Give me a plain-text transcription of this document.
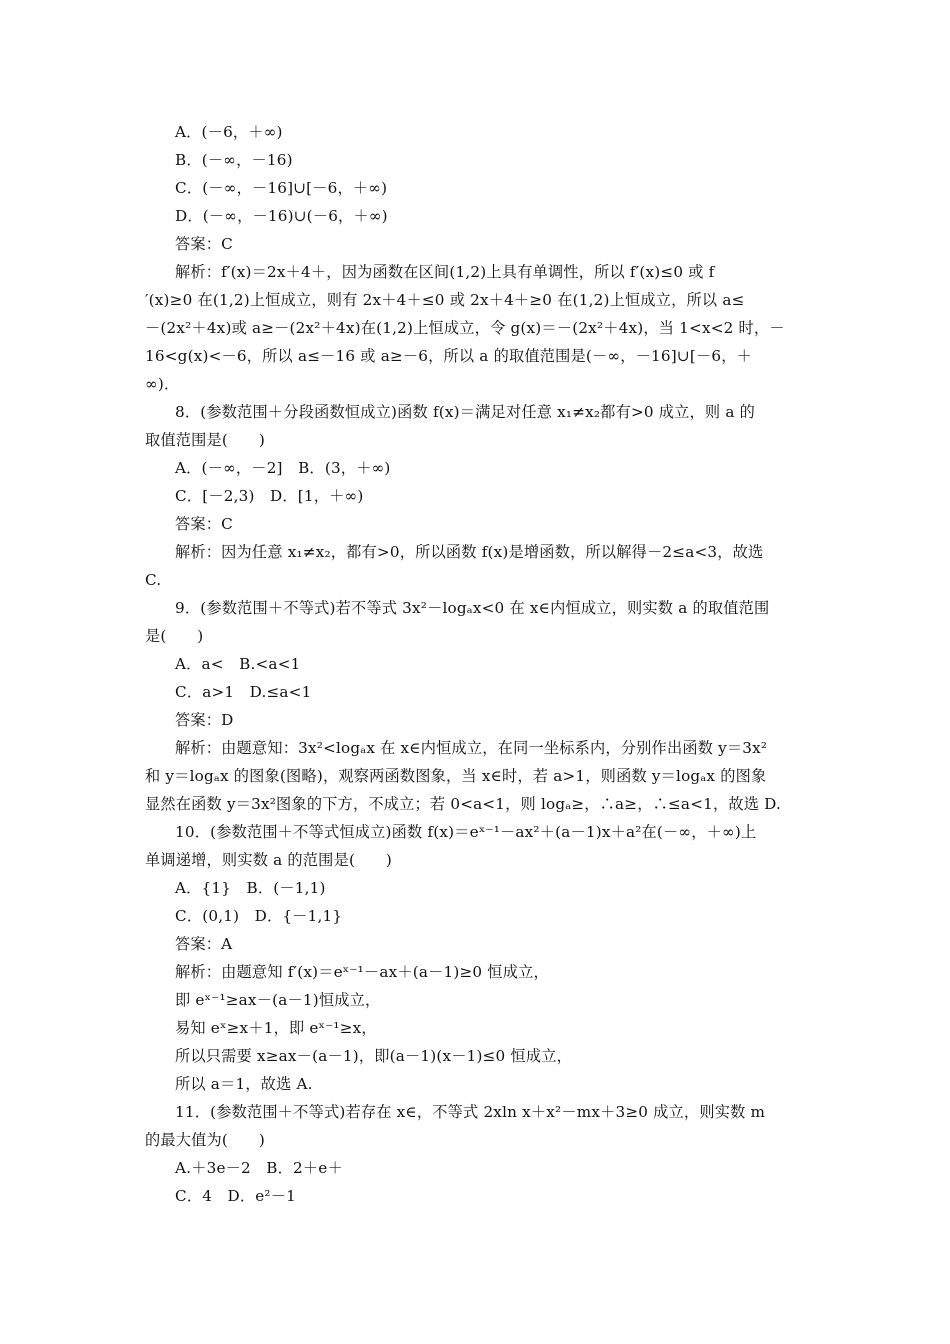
A．(－6，＋∞)
B．(－∞，－16)
C．(－∞，－16]∪[－6，＋∞)
D．(－∞，－16)∪(－6，＋∞)
答案：C
解析：f′(x)＝2x＋4＋，因为函数在区间(1,2)上具有单调性，所以 f′(x)≤0 或 f
′(x)≥0 在(1,2)上恒成立，则有 2x＋4＋≤0 或 2x＋4＋≥0 在(1,2)上恒成立，所以 a≤
－(2x²＋4x)或 a≥－(2x²＋4x)在(1,2)上恒成立，令 g(x)＝－(2x²＋4x)，当 1<x<2 时，－
16<g(x)<－6，所以 a≤－16 或 a≥－6，所以 a 的取值范围是(－∞，－16]∪[－6，＋
∞)．
8．(参数范围＋分段函数恒成立)函数 f(x)＝满足对任意 x₁≠x₂都有>0 成立，则 a 的
取值范围是(　　)
A．(－∞，－2]　B．(3，＋∞)
C．[－2,3)　D．[1，＋∞)
答案：C
解析：因为任意 x₁≠x₂，都有>0，所以函数 f(x)是增函数，所以解得－2≤a<3，故选
C.
9．(参数范围＋不等式)若不等式 3x²－logₐx<0 在 x∈内恒成立，则实数 a 的取值范围
是(　　)
A．a<　B.<a<1
C．a>1　D.≤a<1
答案：D
解析：由题意知：3x²<logₐx 在 x∈内恒成立，在同一坐标系内，分别作出函数 y＝3x²
和 y＝logₐx 的图象(图略)，观察两函数图象，当 x∈时，若 a>1，则函数 y＝logₐx 的图象
显然在函数 y＝3x²图象的下方，不成立；若 0<a<1，则 logₐ≥，∴a≥，∴≤a<1，故选 D.
10．(参数范围＋不等式恒成立)函数 f(x)＝eˣ⁻¹－ax²＋(a－1)x＋a²在(－∞，＋∞)上
单调递增，则实数 a 的范围是(　　)
A．{1}　B．(－1,1)
C．(0,1)　D．{－1,1}
答案：A
解析：由题意知 f′(x)＝eˣ⁻¹－ax＋(a－1)≥0 恒成立，
即 eˣ⁻¹≥ax－(a－1)恒成立，
易知 eˣ≥x＋1，即 eˣ⁻¹≥x，
所以只需要 x≥ax－(a－1)，即(a－1)(x－1)≤0 恒成立，
所以 a＝1，故选 A.
11．(参数范围＋不等式)若存在 x∈，不等式 2xln x＋x²－mx＋3≥0 成立，则实数 m
的最大值为(　　)
A.＋3e－2　B．2＋e＋
C．4　D．e²－1
